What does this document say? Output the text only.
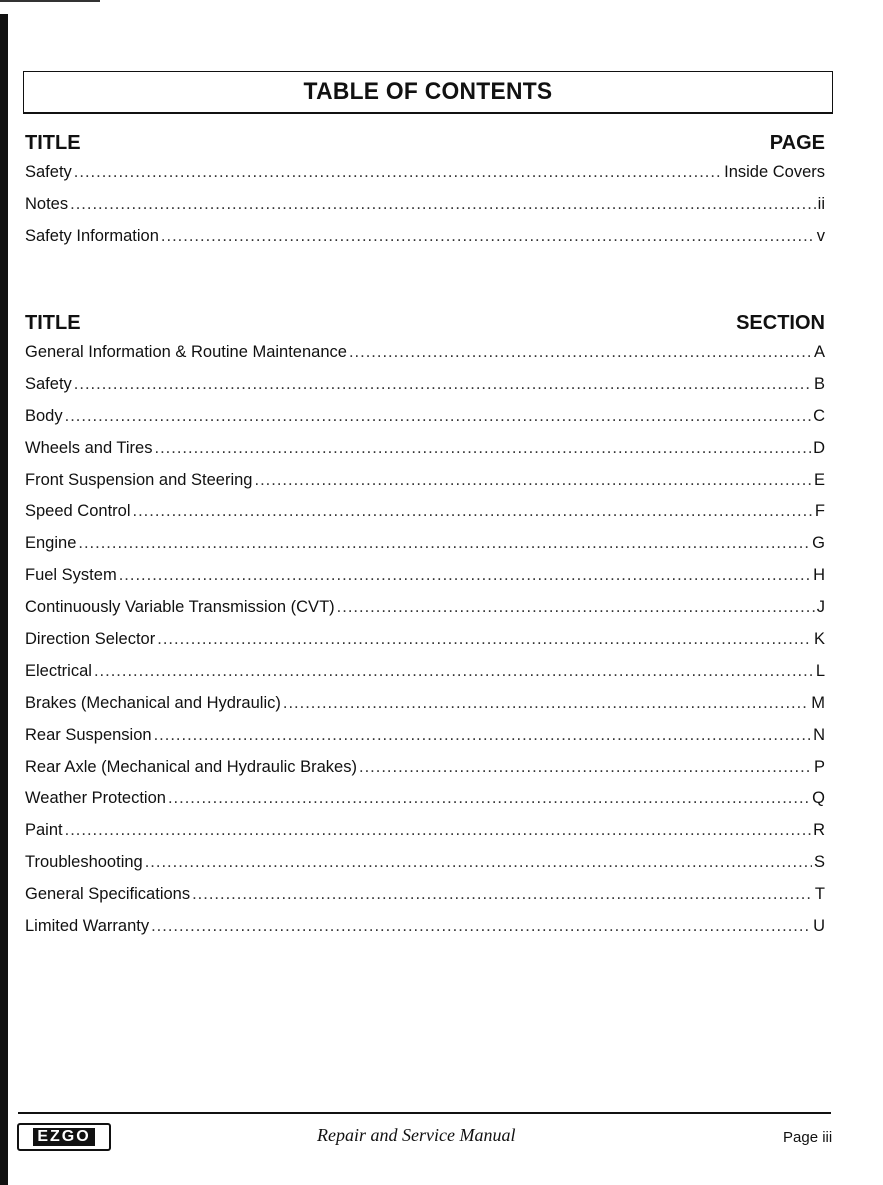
TABLE OF CONTENTS
TITLE	PAGE
Safety .....	Inside Covers
Notes .....	ii
Safety Information .....	v
TITLE	SECTION
General Information & Routine Maintenance .....	A
Safety .....	B
Body .....	C
Wheels and Tires .....	D
Front Suspension and Steering .....	E
Speed Control .....	F
Engine .....	G
Fuel System .....	H
Continuously Variable Transmission (CVT) .....	J
Direction Selector .....	K
Electrical .....	L
Brakes (Mechanical and Hydraulic) .....	M
Rear Suspension .....	N
Rear Axle (Mechanical and Hydraulic Brakes) .....	P
Weather Protection .....	Q
Paint .....	R
Troubleshooting .....	S
General Specifications .....	T
Limited Warranty .....	U
EZGO	Repair and Service Manual	Page iii
